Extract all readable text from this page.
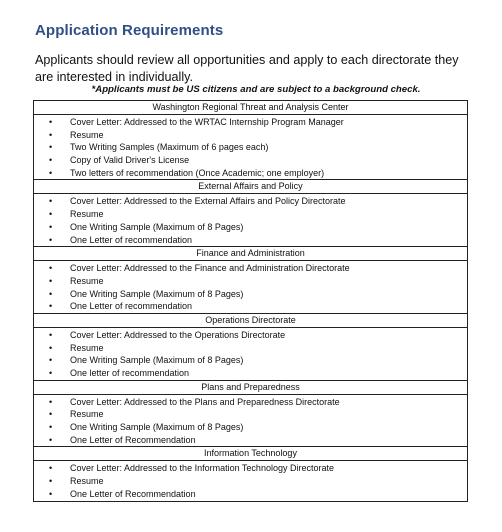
Application Requirements
Applicants should review all opportunities and apply to each directorate they are interested in individually.
*Applicants must be US citizens and are subject to a background check.
Washington Regional Threat and Analysis Center
• Cover Letter: Addressed to the WRTAC Internship Program Manager
• Resume
• Two Writing Samples (Maximum of 6 pages each)
• Copy of Valid Driver's License
• Two letters of recommendation (Once Academic; one employer)
External Affairs and Policy
• Cover Letter: Addressed to the External Affairs and Policy Directorate
• Resume
• One Writing Sample (Maximum of 8 Pages)
• One Letter of recommendation
Finance and Administration
• Cover Letter: Addressed to the Finance and Administration Directorate
• Resume
• One Writing Sample (Maximum of 8 Pages)
• One Letter of recommendation
Operations Directorate
• Cover Letter: Addressed to the Operations Directorate
• Resume
• One Writing Sample (Maximum of 8 Pages)
• One letter of recommendation
Plans and Preparedness
• Cover Letter: Addressed to the Plans and Preparedness Directorate
• Resume
• One Writing Sample (Maximum of 8 Pages)
• One Letter of Recommendation
Information Technology
• Cover Letter: Addressed to the Information Technology Directorate
• Resume
• One Letter of Recommendation
